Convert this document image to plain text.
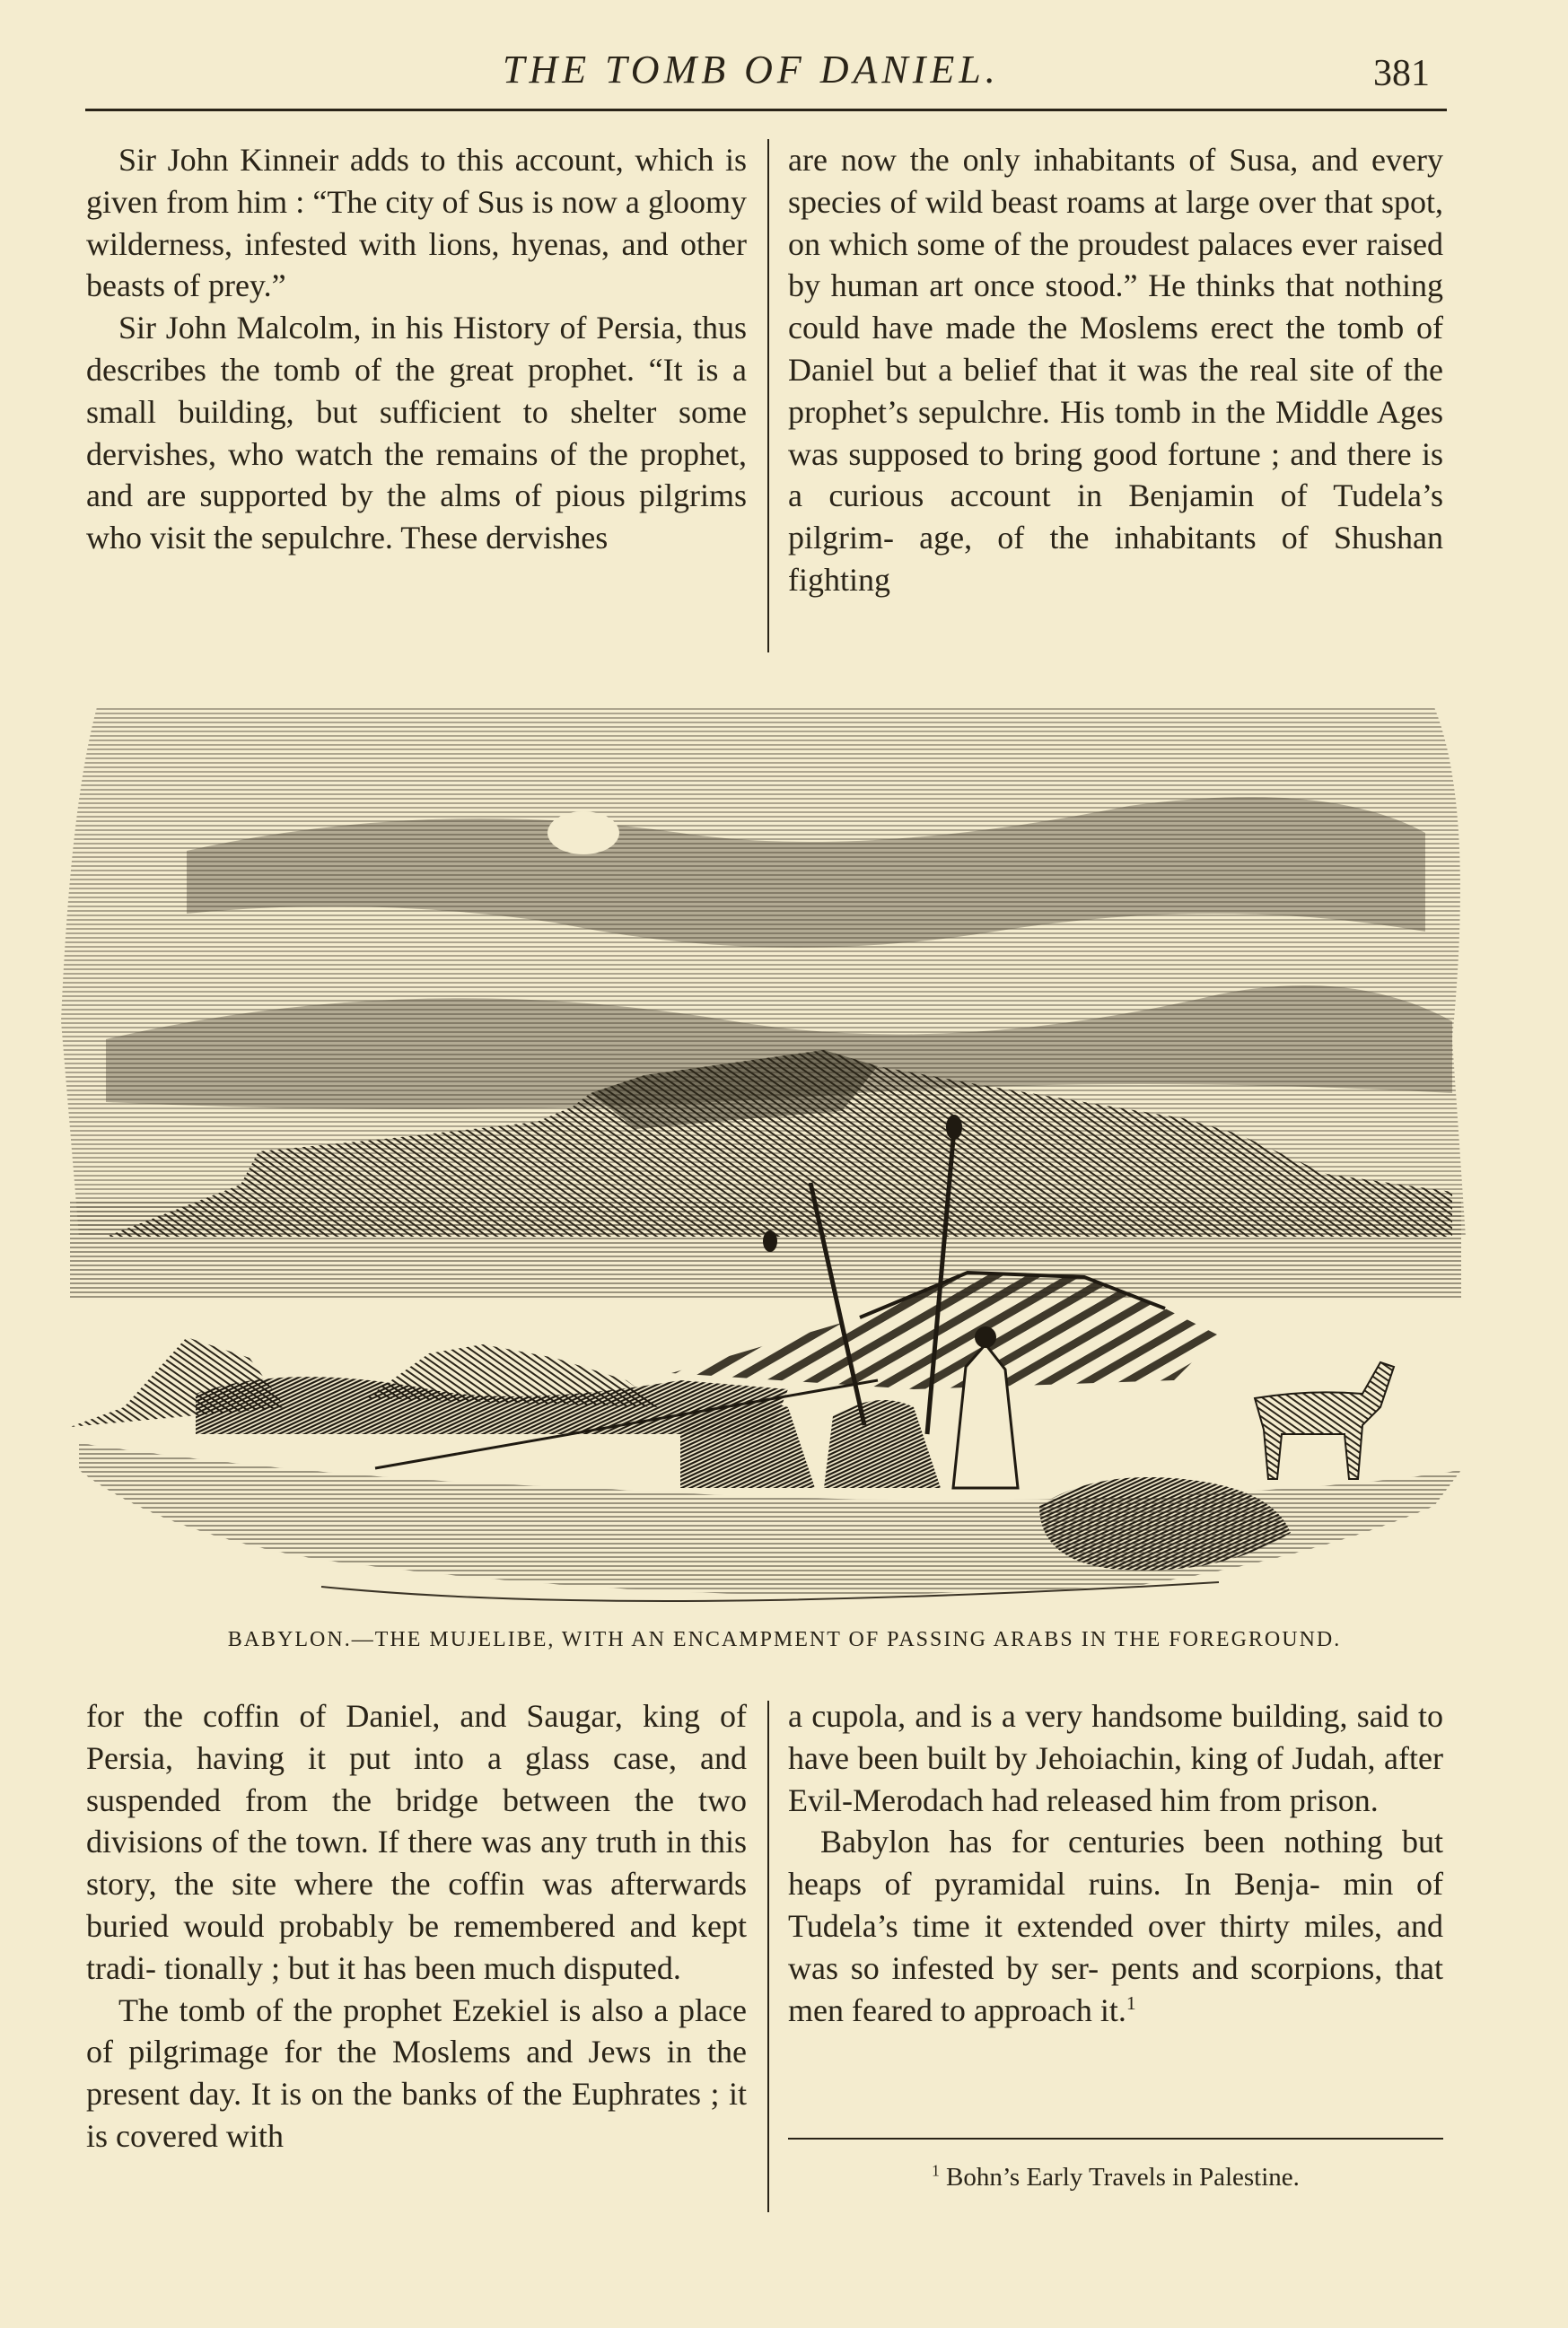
THE TOMB OF DANIEL.	381

Sir John Kinneir adds to this account, which is given from him : “The city of Sus is now a gloomy wilderness, infested with lions, hyenas, and other beasts of prey.”

Sir John Malcolm, in his History of Persia, thus describes the tomb of the great prophet. “It is a small building, but sufficient to shelter some dervishes, who watch the remains of the prophet, and are supported by the alms of pious pilgrims who visit the sepulchre. These dervishes

are now the only inhabitants of Susa, and every species of wild beast roams at large over that spot, on which some of the proudest palaces ever raised by human art once stood.” He thinks that nothing could have made the Moslems erect the tomb of Daniel but a belief that it was the real site of the prophet’s sepulchre. His tomb in the Middle Ages was supposed to bring good fortune ; and there is a curious account in Benjamin of Tudela’s pilgrim- age, of the inhabitants of Shushan fighting

BABYLON.—THE MUJELIBE, WITH AN ENCAMPMENT OF PASSING ARABS IN THE FOREGROUND.

for the coffin of Daniel, and Saugar, king of Persia, having it put into a glass case, and suspended from the bridge between the two divisions of the town. If there was any truth in this story, the site where the coffin was afterwards buried would probably be remembered and kept tradi- tionally ; but it has been much disputed.

The tomb of the prophet Ezekiel is also a place of pilgrimage for the Moslems and Jews in the present day. It is on the banks of the Euphrates ; it is covered with

a cupola, and is a very handsome building, said to have been built by Jehoiachin, king of Judah, after Evil-Merodach had released him from prison.

Babylon has for centuries been nothing but heaps of pyramidal ruins. In Benja- min of Tudela’s time it extended over thirty miles, and was so infested by ser- pents and scorpions, that men feared to approach it.$^1$

$^1$ Bohn’s Early Travels in Palestine.
